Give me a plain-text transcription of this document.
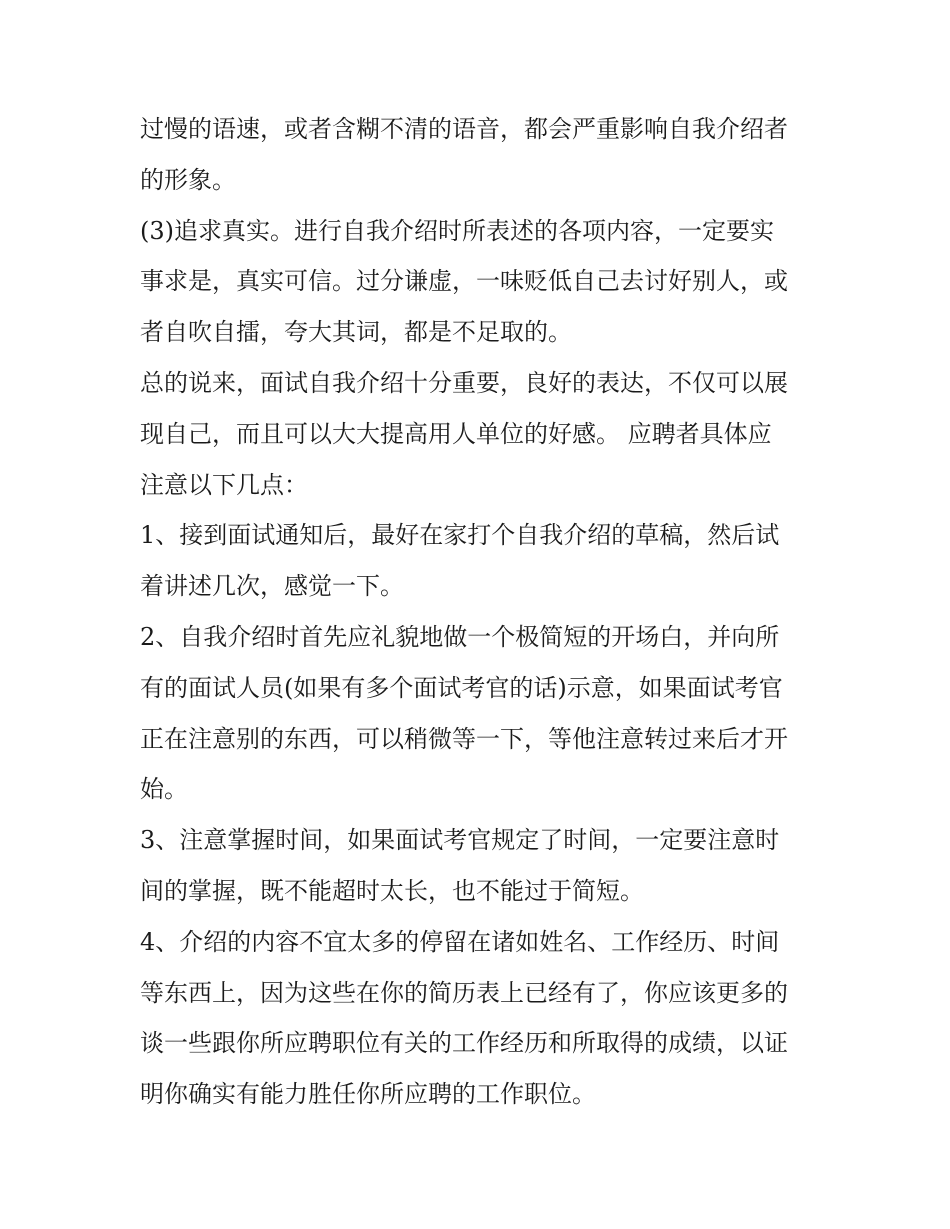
过慢的语速，或者含糊不清的语音，都会严重影响自我介绍者
的形象。
(3)追求真实。进行自我介绍时所表述的各项内容，一定要实
事求是，真实可信。过分谦虚，一味贬低自己去讨好别人，或
者自吹自擂，夸大其词，都是不足取的。
总的说来，面试自我介绍十分重要，良好的表达，不仅可以展
现自己，而且可以大大提高用人单位的好感。 应聘者具体应
注意以下几点：
1、接到面试通知后，最好在家打个自我介绍的草稿，然后试
着讲述几次，感觉一下。
2、自我介绍时首先应礼貌地做一个极简短的开场白，并向所
有的面试人员(如果有多个面试考官的话)示意，如果面试考官
正在注意别的东西，可以稍微等一下，等他注意转过来后才开
始。
3、注意掌握时间，如果面试考官规定了时间，一定要注意时
间的掌握，既不能超时太长，也不能过于简短。
4、介绍的内容不宜太多的停留在诸如姓名、工作经历、时间
等东西上，因为这些在你的简历表上已经有了，你应该更多的
谈一些跟你所应聘职位有关的工作经历和所取得的成绩，以证
明你确实有能力胜任你所应聘的工作职位。
